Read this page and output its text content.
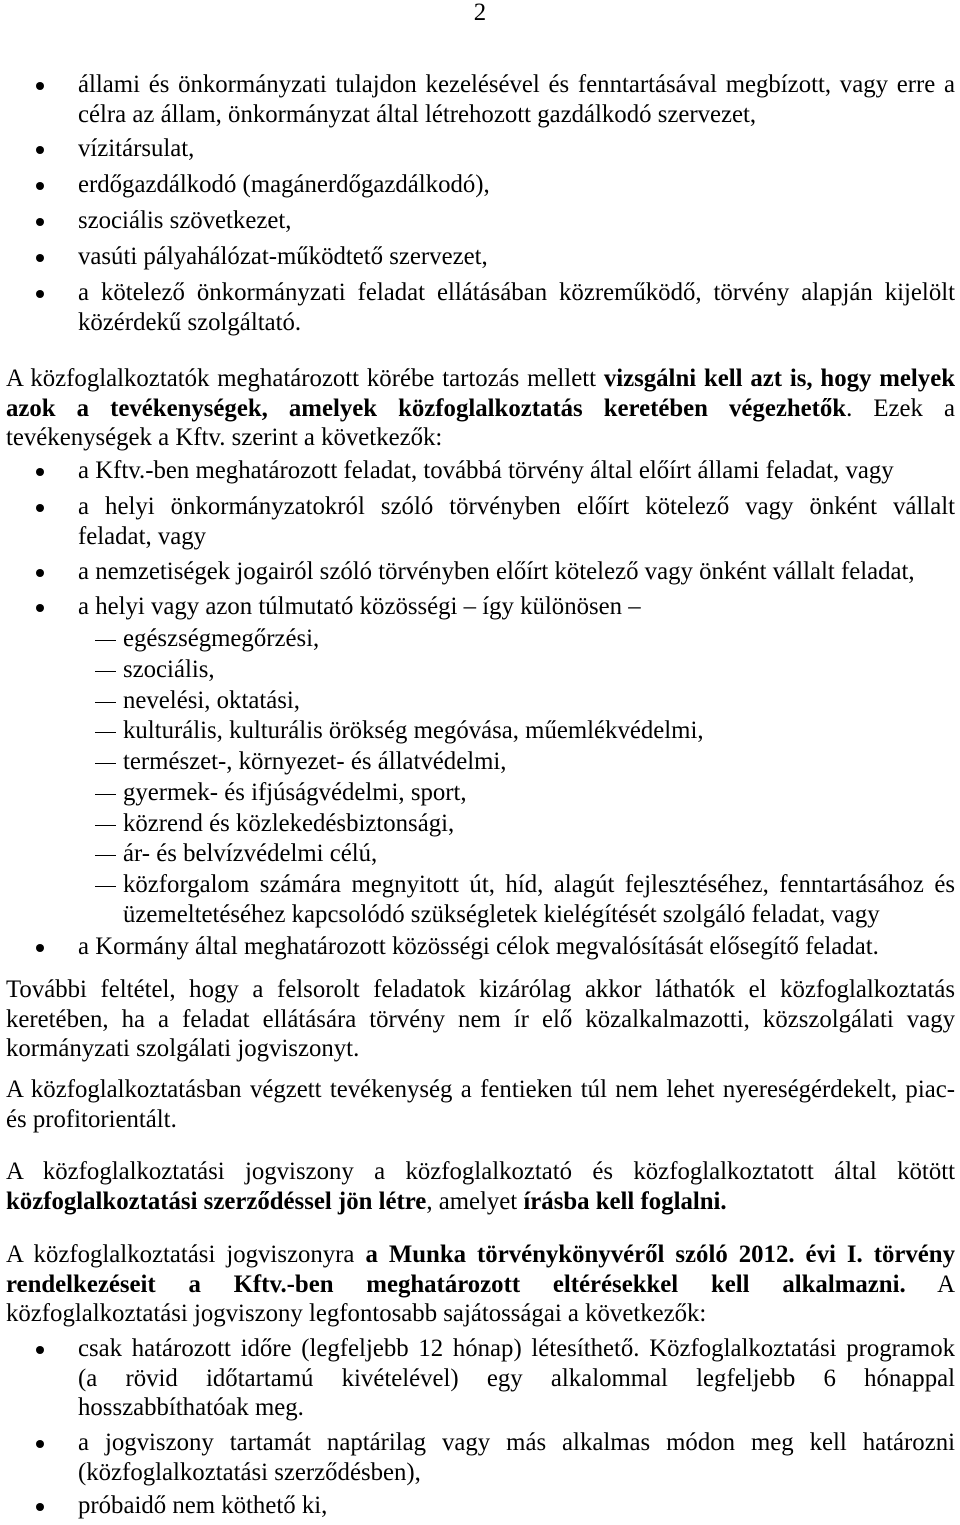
2
állami és önkormányzati tulajdon kezelésével és fenntartásával megbízott, vagy erre a
célra az állam, önkormányzat által létrehozott gazdálkodó szervezet,
vízitársulat,
erdőgazdálkodó (magánerdőgazdálkodó),
szociális szövetkezet,
vasúti pályahálózat-működtető szervezet,
a kötelező önkormányzati feladat ellátásában közreműködő, törvény alapján kijelölt
közérdekű szolgáltató.
A közfoglalkoztatók meghatározott körébe tartozás mellett vizsgálni kell azt is, hogy melyek
azok a tevékenységek, amelyek közfoglalkoztatás keretében végezhetők. Ezek a
tevékenységek a Kftv. szerint a következők:
a Kftv.-ben meghatározott feladat, továbbá törvény által előírt állami feladat, vagy
a helyi önkormányzatokról szóló törvényben előírt kötelező vagy önként vállalt
feladat, vagy
a nemzetiségek jogairól szóló törvényben előírt kötelező vagy önként vállalt feladat,
a helyi vagy azon túlmutató közösségi – így különösen –
egészségmegőrzési,
szociális,
nevelési, oktatási,
kulturális, kulturális örökség megóvása, műemlékvédelmi,
természet-, környezet- és állatvédelmi,
gyermek- és ifjúságvédelmi, sport,
közrend és közlekedésbiztonsági,
ár- és belvízvédelmi célú,
közforgalom számára megnyitott út, híd, alagút fejlesztéséhez, fenntartásához és
üzemeltetéséhez kapcsolódó szükségletek kielégítését szolgáló feladat, vagy
a Kormány által meghatározott közösségi célok megvalósítását elősegítő feladat.
További feltétel, hogy a felsorolt feladatok kizárólag akkor láthatók el közfoglalkoztatás
keretében, ha a feladat ellátására törvény nem ír elő közalkalmazotti, közszolgálati vagy
kormányzati szolgálati jogviszonyt.
A közfoglalkoztatásban végzett tevékenység a fentieken túl nem lehet nyereségérdekelt, piac-
és profitorientált.
A közfoglalkoztatási jogviszony a közfoglalkoztató és közfoglalkoztatott által kötött
közfoglalkoztatási szerződéssel jön létre, amelyet írásba kell foglalni.
A közfoglalkoztatási jogviszonyra a Munka törvénykönyvéről szóló 2012. évi I. törvény
rendelkezéseit a Kftv.-ben meghatározott eltérésekkel kell alkalmazni. A
közfoglalkoztatási jogviszony legfontosabb sajátosságai a következők:
csak határozott időre (legfeljebb 12 hónap) létesíthető. Közfoglalkoztatási programok
(a rövid időtartamú kivételével) egy alkalommal legfeljebb 6 hónappal
hosszabbíthatóak meg.
a jogviszony tartamát naptárilag vagy más alkalmas módon meg kell határozni
(közfoglalkoztatási szerződésben),
próbaidő nem köthető ki,
